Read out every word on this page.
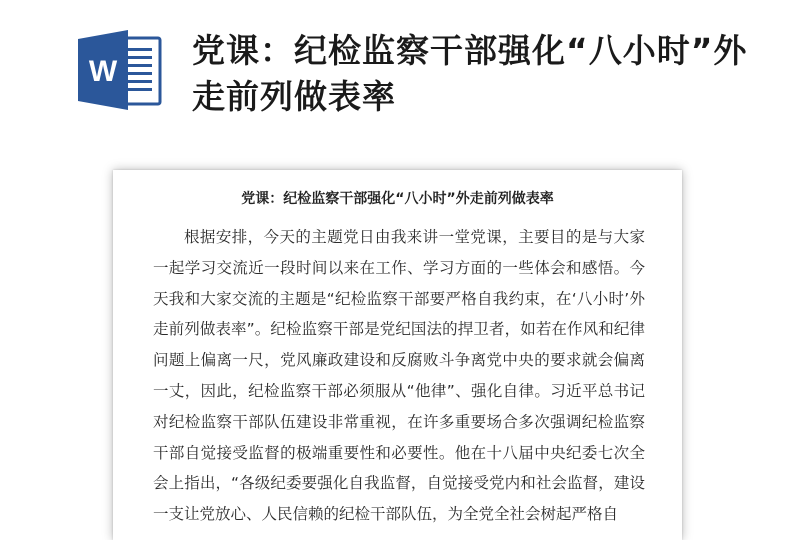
W
党课：纪检监察干部强化“八小时”外走前列做表率
党课：纪检监察干部强化“八小时”外走前列做表率

根据安排，今天的主题党日由我来讲一堂党课，主要目的是与大家一起学习交流近一段时间以来在工作、学习方面的一些体会和感悟。今天我和大家交流的主题是“纪检监察干部要严格自我约束，在‘八小时’外走前列做表率”。纪检监察干部是党纪国法的捍卫者，如若在作风和纪律问题上偏离一尺，党风廉政建设和反腐败斗争离党中央的要求就会偏离一丈，因此，纪检监察干部必须服从“他律”、强化自律。习近平总书记对纪检监察干部队伍建设非常重视，在许多重要场合多次强调纪检监察干部自觉接受监督的极端重要性和必要性。他在十八届中央纪委七次全会上指出，“各级纪委要强化自我监督，自觉接受党内和社会监督，建设一支让党放心、人民信赖的纪检干部队伍，为全党全社会树起严格自
